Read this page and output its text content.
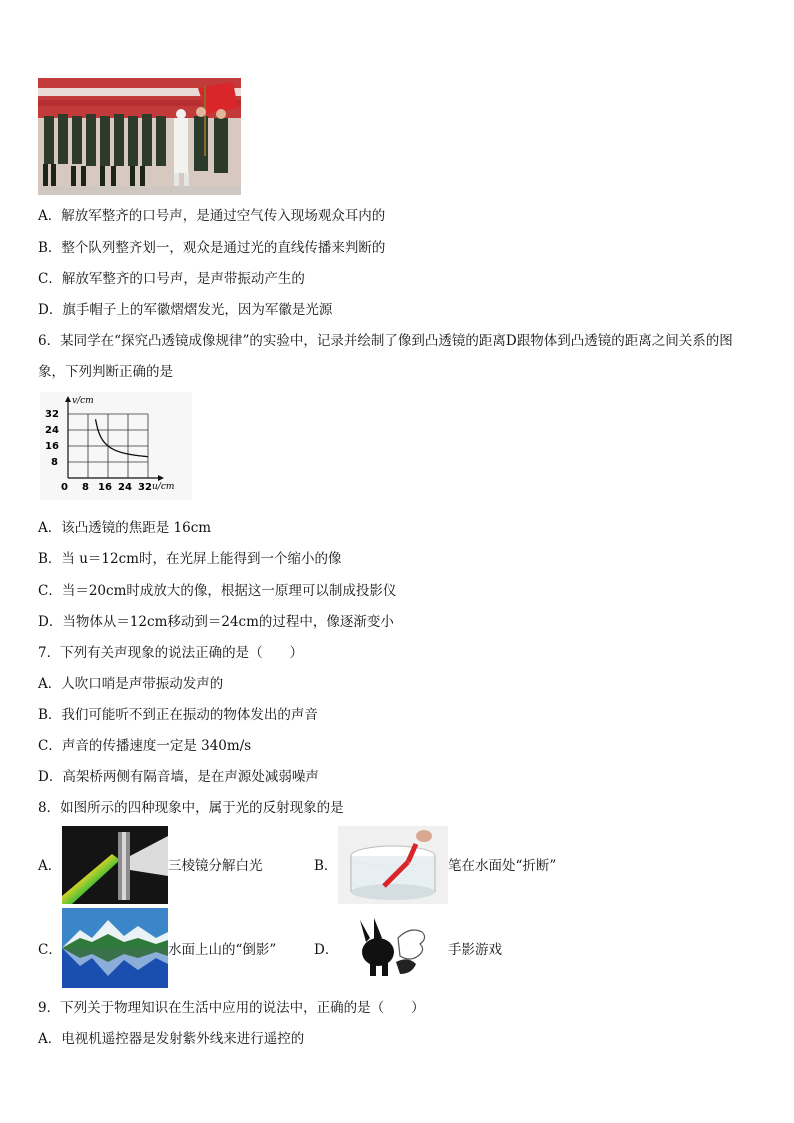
A．解放军整齐的口号声，是通过空气传入现场观众耳内的
B．整个队列整齐划一，观众是通过光的直线传播来判断的
C．解放军整齐的口号声，是声带振动产生的
D．旗手帽子上的军徽熠熠发光，因为军徽是光源
6．某同学在“探究凸透镜成像规律”的实验中，记录并绘制了像到凸透镜的距离D跟物体到凸透镜的距离之间关系的图象，下列判断正确的是
v/cm
u/cm
32
24
16
8
0 8 16 24 32
A．该凸透镜的焦距是 16cm
B．当 u＝12cm时，在光屏上能得到一个缩小的像
C．当＝20cm时成放大的像，根据这一原理可以制成投影仪
D．当物体从＝12cm移动到＝24cm的过程中，像逐渐变小
7．下列有关声现象的说法正确的是（　　）
A．人吹口哨是声带振动发声的
B．我们可能听不到正在振动的物体发出的声音
C．声音的传播速度一定是 340m/s
D．高架桥两侧有隔音墙，是在声源处减弱噪声
8．如图所示的四种现象中，属于光的反射现象的是
A．	三棱镜分解白光	B．	笔在水面处“折断”
C．	水面上山的“倒影”	D．	手影游戏
9．下列关于物理知识在生活中应用的说法中，正确的是（　　）
A．电视机遥控器是发射紫外线来进行遥控的
